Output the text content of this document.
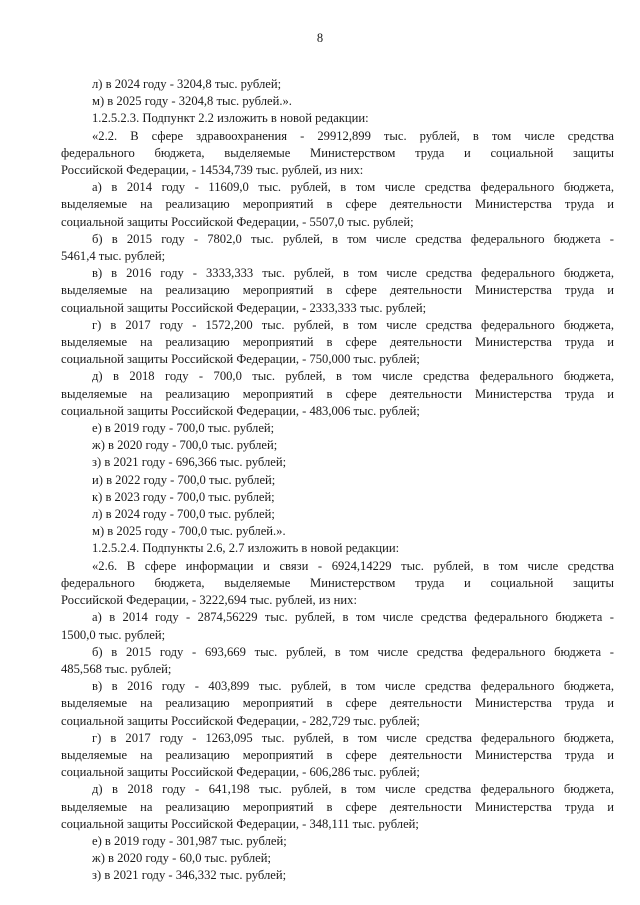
8

л) в 2024 году - 3204,8 тыс. рублей;

м) в 2025 году - 3204,8 тыс. рублей.».

1.2.5.2.3. Подпункт 2.2 изложить в новой редакции:

«2.2. В сфере здравоохранения - 29912,899 тыс. рублей, в том числе средства

федерального бюджета, выделяемые Министерством труда и социальной защиты

Российской Федерации, - 14534,739 тыс. рублей, из них:

а) в 2014 году - 11609,0 тыс. рублей, в том числе средства федерального бюджета,

выделяемые на реализацию мероприятий в сфере деятельности Министерства труда и

социальной защиты Российской Федерации, - 5507,0 тыс. рублей;

б) в 2015 году - 7802,0 тыс. рублей, в том числе средства федерального бюджета -

5461,4 тыс. рублей;

в) в 2016 году - 3333,333 тыс. рублей, в том числе средства федерального бюджета,

выделяемые на реализацию мероприятий в сфере деятельности Министерства труда и

социальной защиты Российской Федерации, - 2333,333 тыс. рублей;

г) в 2017 году - 1572,200 тыс. рублей, в том числе средства федерального бюджета,

выделяемые на реализацию мероприятий в сфере деятельности Министерства труда и

социальной защиты Российской Федерации, - 750,000 тыс. рублей;

д) в 2018 году - 700,0 тыс. рублей, в том числе средства федерального бюджета,

выделяемые на реализацию мероприятий в сфере деятельности Министерства труда и

социальной защиты Российской Федерации, - 483,006 тыс. рублей;

е) в 2019 году - 700,0 тыс. рублей;

ж) в 2020 году - 700,0 тыс. рублей;

з) в 2021 году - 696,366 тыс. рублей;

и) в 2022 году - 700,0 тыс. рублей;

к) в 2023 году - 700,0 тыс. рублей;

л) в 2024 году - 700,0 тыс. рублей;

м) в 2025 году - 700,0 тыс. рублей.».

1.2.5.2.4. Подпункты 2.6, 2.7 изложить в новой редакции:

«2.6. В сфере информации и связи - 6924,14229 тыс. рублей, в том числе средства

федерального бюджета, выделяемые Министерством труда и социальной защиты

Российской Федерации, - 3222,694 тыс. рублей, из них:

а) в 2014 году - 2874,56229 тыс. рублей, в том числе средства федерального бюджета -

1500,0 тыс. рублей;

б) в 2015 году - 693,669 тыс. рублей, в том числе средства федерального бюджета -

485,568 тыс. рублей;

в) в 2016 году - 403,899 тыс. рублей, в том числе средства федерального бюджета,

выделяемые на реализацию мероприятий в сфере деятельности Министерства труда и

социальной защиты Российской Федерации, - 282,729 тыс. рублей;

г) в 2017 году - 1263,095 тыс. рублей, в том числе средства федерального бюджета,

выделяемые на реализацию мероприятий в сфере деятельности Министерства труда и

социальной защиты Российской Федерации, - 606,286 тыс. рублей;

д) в 2018 году - 641,198 тыс. рублей, в том числе средства федерального бюджета,

выделяемые на реализацию мероприятий в сфере деятельности Министерства труда и

социальной защиты Российской Федерации, - 348,111 тыс. рублей;

е) в 2019 году - 301,987 тыс. рублей;

ж) в 2020 году - 60,0 тыс. рублей;

з) в 2021 году - 346,332 тыс. рублей;
